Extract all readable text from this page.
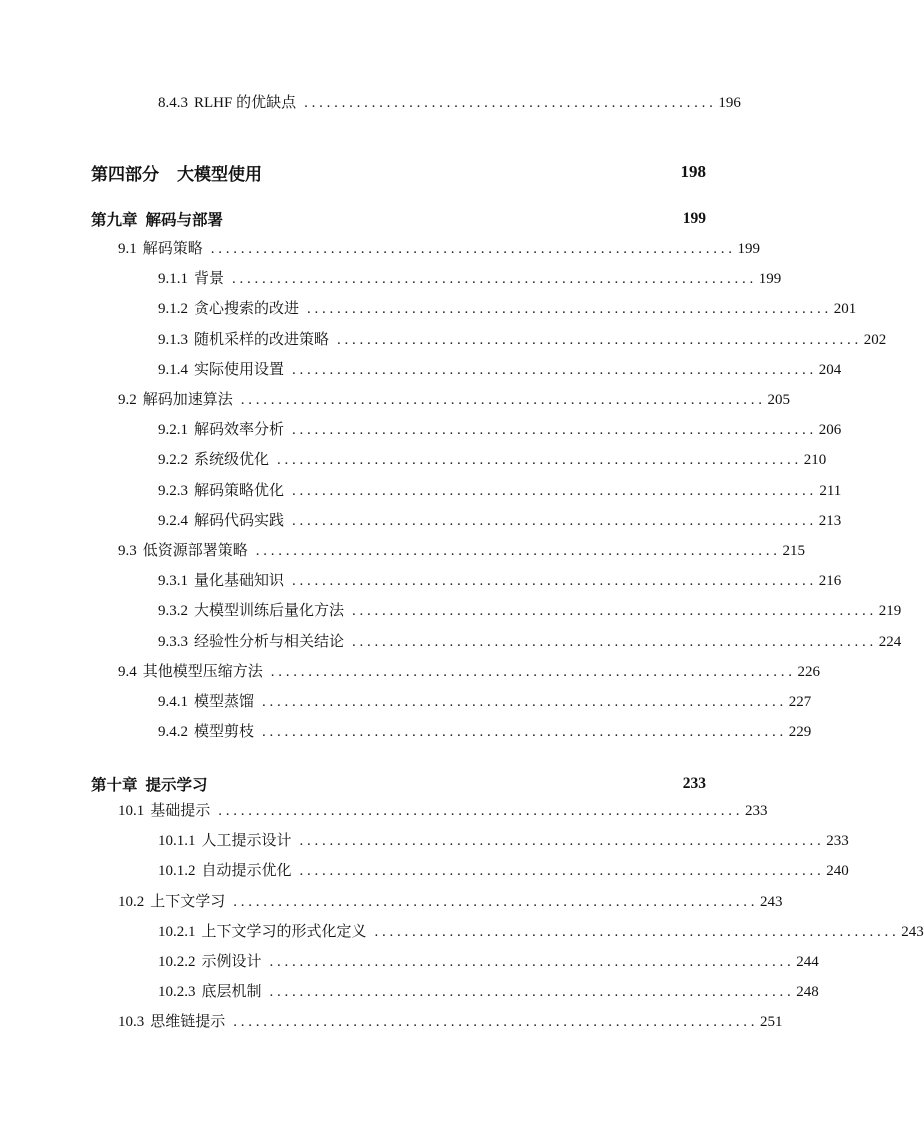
8.4.3 RLHF 的优缺点 . . . . . . . . . . . . . . . . . . . . . . . . . . . . . . . . . . . . . . . . . . . . . . . . . . . . . . . 196
第四部分 大模型使用	198
第九章 解码与部署	199
9.1 解码策略 . . . . . . . . . . . . . . . . . . . . . . . . . . . . . . . . . . . . . . . . . . . . . . . . . . . . . . . . . . . . . . . . . . . . . . 199
9.1.1 背景 . . . . . . . . . . . . . . . . . . . . . . . . . . . . . . . . . . . . . . . . . . . . . . . . . . . . . . . . . . . . . . . . . . . . . . 199
9.1.2 贪心搜索的改进 . . . . . . . . . . . . . . . . . . . . . . . . . . . . . . . . . . . . . . . . . . . . . . . . . . . . . . . . . . . . . . . . . . . . . . 201
9.1.3 随机采样的改进策略 . . . . . . . . . . . . . . . . . . . . . . . . . . . . . . . . . . . . . . . . . . . . . . . . . . . . . . . . . . . . . . . . . . . . . . 202
9.1.4 实际使用设置 . . . . . . . . . . . . . . . . . . . . . . . . . . . . . . . . . . . . . . . . . . . . . . . . . . . . . . . . . . . . . . . . . . . . . . 204
9.2 解码加速算法 . . . . . . . . . . . . . . . . . . . . . . . . . . . . . . . . . . . . . . . . . . . . . . . . . . . . . . . . . . . . . . . . . . . . . . 205
9.2.1 解码效率分析 . . . . . . . . . . . . . . . . . . . . . . . . . . . . . . . . . . . . . . . . . . . . . . . . . . . . . . . . . . . . . . . . . . . . . . 206
9.2.2 系统级优化 . . . . . . . . . . . . . . . . . . . . . . . . . . . . . . . . . . . . . . . . . . . . . . . . . . . . . . . . . . . . . . . . . . . . . . 210
9.2.3 解码策略优化 . . . . . . . . . . . . . . . . . . . . . . . . . . . . . . . . . . . . . . . . . . . . . . . . . . . . . . . . . . . . . . . . . . . . . . 211
9.2.4 解码代码实践 . . . . . . . . . . . . . . . . . . . . . . . . . . . . . . . . . . . . . . . . . . . . . . . . . . . . . . . . . . . . . . . . . . . . . . 213
9.3 低资源部署策略 . . . . . . . . . . . . . . . . . . . . . . . . . . . . . . . . . . . . . . . . . . . . . . . . . . . . . . . . . . . . . . . . . . . . . . 215
9.3.1 量化基础知识 . . . . . . . . . . . . . . . . . . . . . . . . . . . . . . . . . . . . . . . . . . . . . . . . . . . . . . . . . . . . . . . . . . . . . . 216
9.3.2 大模型训练后量化方法 . . . . . . . . . . . . . . . . . . . . . . . . . . . . . . . . . . . . . . . . . . . . . . . . . . . . . . . . . . . . . . . . . . . . . . 219
9.3.3 经验性分析与相关结论 . . . . . . . . . . . . . . . . . . . . . . . . . . . . . . . . . . . . . . . . . . . . . . . . . . . . . . . . . . . . . . . . . . . . . . 224
9.4 其他模型压缩方法 . . . . . . . . . . . . . . . . . . . . . . . . . . . . . . . . . . . . . . . . . . . . . . . . . . . . . . . . . . . . . . . . . . . . . . 226
9.4.1 模型蒸馏 . . . . . . . . . . . . . . . . . . . . . . . . . . . . . . . . . . . . . . . . . . . . . . . . . . . . . . . . . . . . . . . . . . . . . . 227
9.4.2 模型剪枝 . . . . . . . . . . . . . . . . . . . . . . . . . . . . . . . . . . . . . . . . . . . . . . . . . . . . . . . . . . . . . . . . . . . . . . 229
第十章 提示学习	233
10.1 基础提示 . . . . . . . . . . . . . . . . . . . . . . . . . . . . . . . . . . . . . . . . . . . . . . . . . . . . . . . . . . . . . . . . . . . . . . 233
10.1.1 人工提示设计 . . . . . . . . . . . . . . . . . . . . . . . . . . . . . . . . . . . . . . . . . . . . . . . . . . . . . . . . . . . . . . . . . . . . . . 233
10.1.2 自动提示优化 . . . . . . . . . . . . . . . . . . . . . . . . . . . . . . . . . . . . . . . . . . . . . . . . . . . . . . . . . . . . . . . . . . . . . . 240
10.2 上下文学习 . . . . . . . . . . . . . . . . . . . . . . . . . . . . . . . . . . . . . . . . . . . . . . . . . . . . . . . . . . . . . . . . . . . . . . 243
10.2.1 上下文学习的形式化定义 . . . . . . . . . . . . . . . . . . . . . . . . . . . . . . . . . . . . . . . . . . . . . . . . . . . . . . . . . . . . . . . . . . . . . . 243
10.2.2 示例设计 . . . . . . . . . . . . . . . . . . . . . . . . . . . . . . . . . . . . . . . . . . . . . . . . . . . . . . . . . . . . . . . . . . . . . . 244
10.2.3 底层机制 . . . . . . . . . . . . . . . . . . . . . . . . . . . . . . . . . . . . . . . . . . . . . . . . . . . . . . . . . . . . . . . . . . . . . . 248
10.3 思维链提示 . . . . . . . . . . . . . . . . . . . . . . . . . . . . . . . . . . . . . . . . . . . . . . . . . . . . . . . . . . . . . . . . . . . . . . 251
